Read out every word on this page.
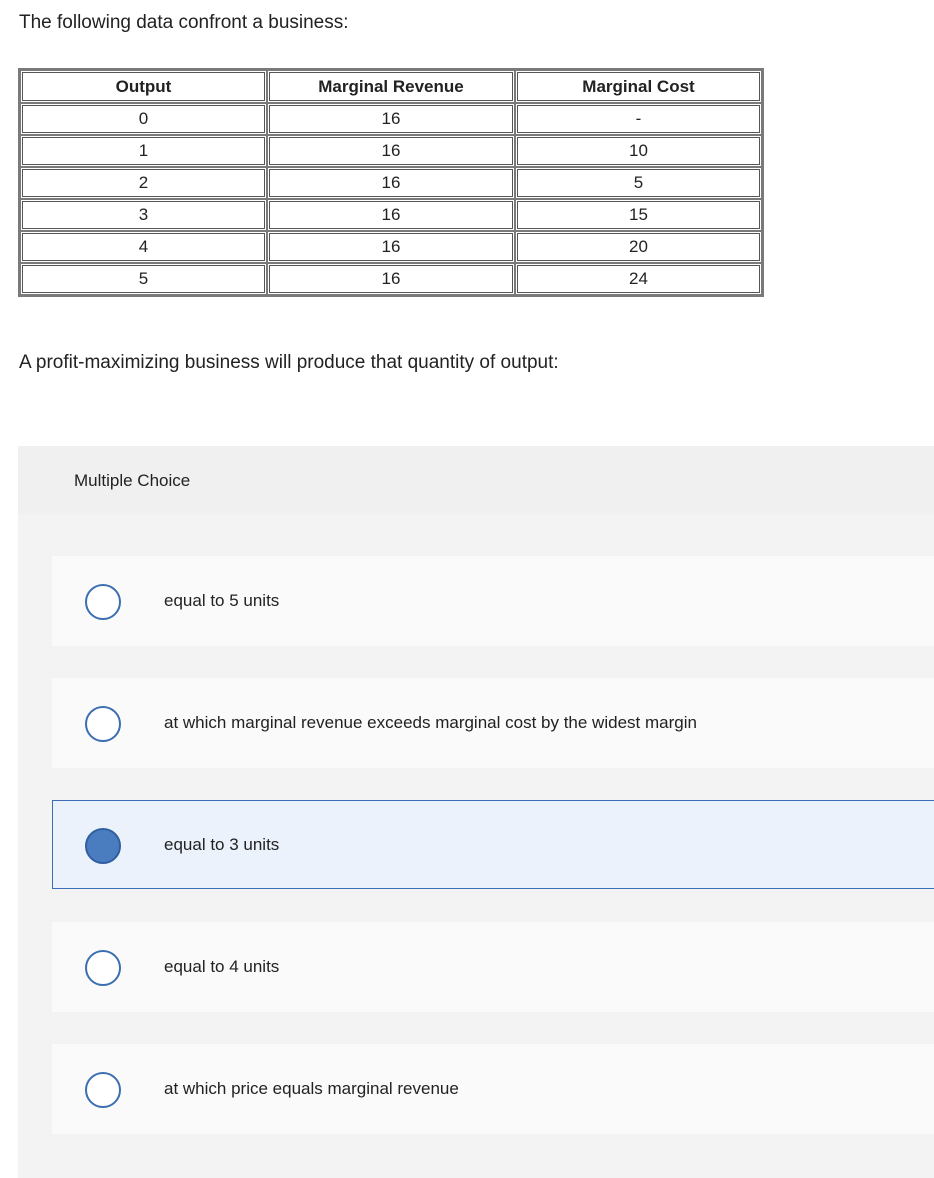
The following data confront a business:
Output	Marginal Revenue	Marginal Cost
0	16	-
1	16	10
2	16	5
3	16	15
4	16	20
5	16	24
A profit-maximizing business will produce that quantity of output:
Multiple Choice
equal to 5 units
at which marginal revenue exceeds marginal cost by the widest margin
equal to 3 units
equal to 4 units
at which price equals marginal revenue
